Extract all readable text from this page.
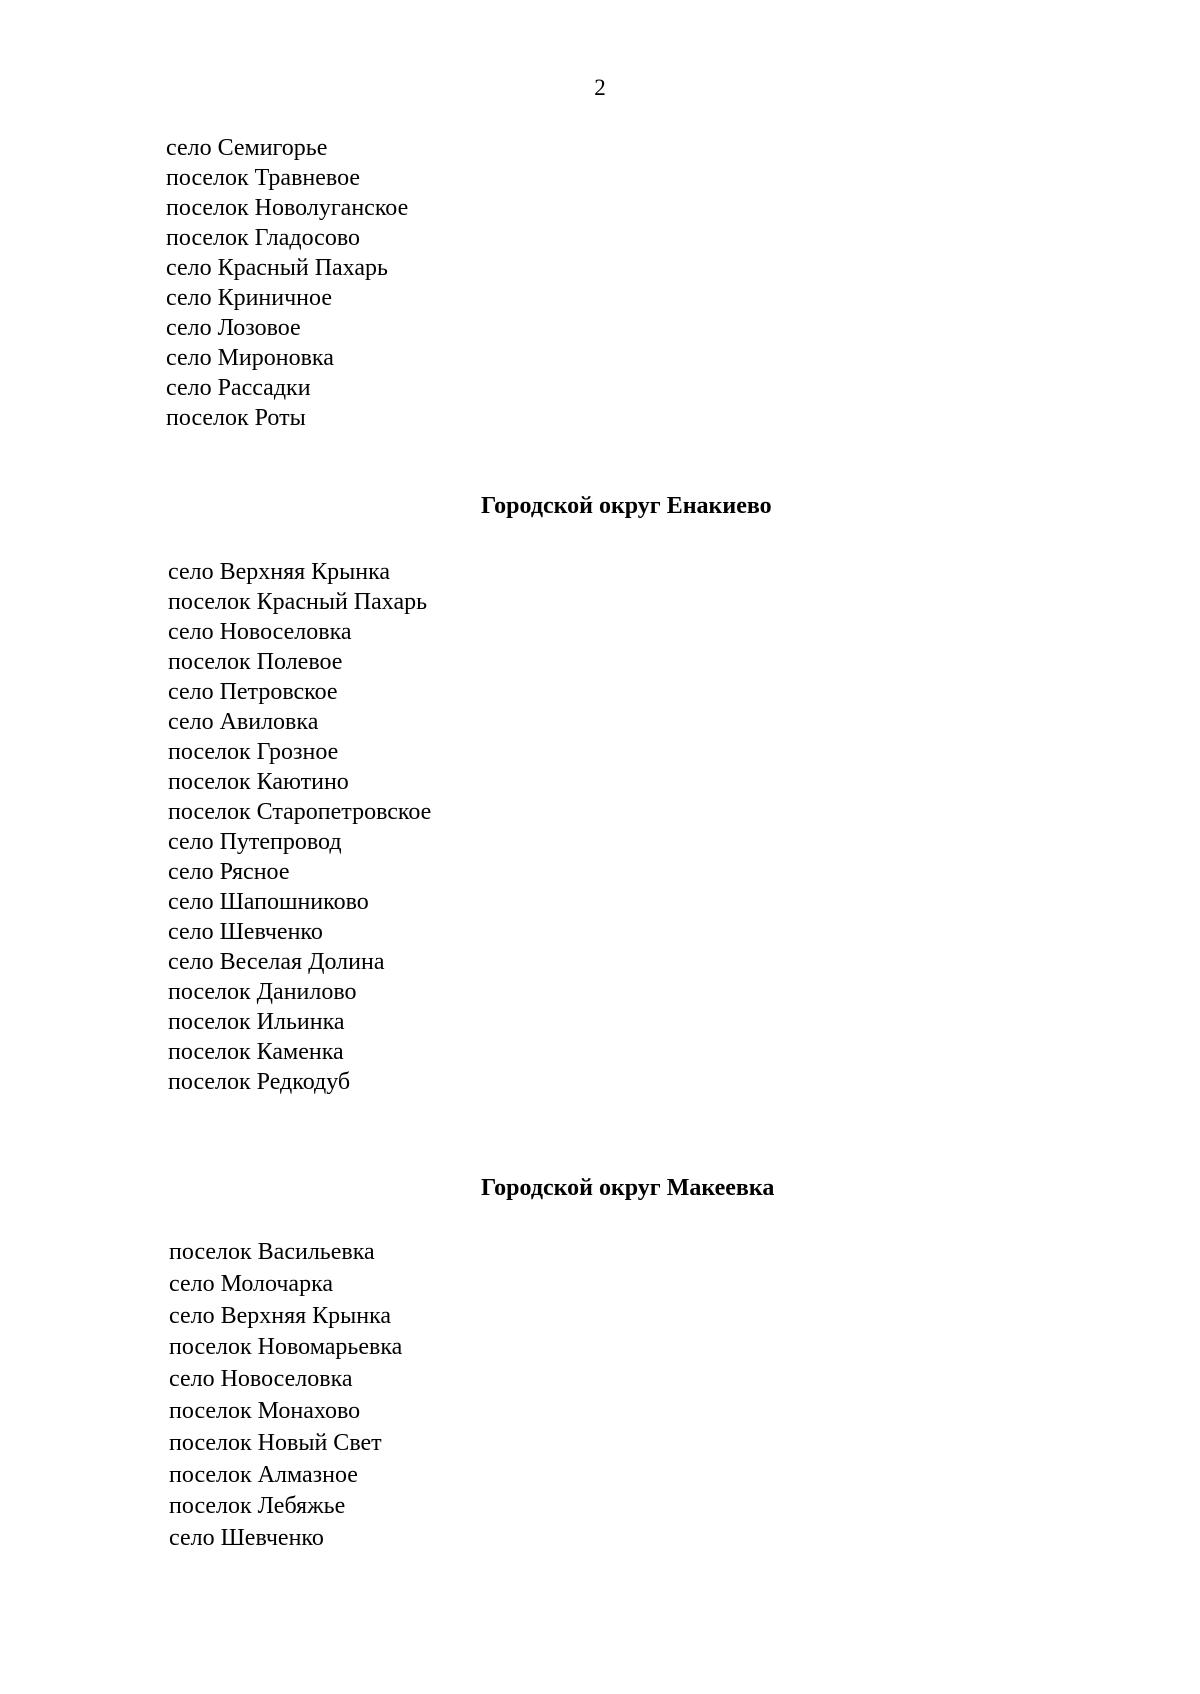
2
село Семигорье
поселок Травневое
поселок Новолуганское
поселок Гладосово
село Красный Пахарь
село Криничное
село Лозовое
село Мироновка
село Рассадки
поселок Роты
Городской округ Енакиево
село Верхняя Крынка
поселок Красный Пахарь
село Новоселовка
поселок Полевое
село Петровское
село Авиловка
поселок Грозное
поселок Каютино
поселок Старопетровское
село Путепровод
село Рясное
село Шапошниково
село Шевченко
село Веселая Долина
поселок Данилово
поселок Ильинка
поселок Каменка
поселок Редкодуб
Городской округ Макеевка
поселок Васильевка
село Молочарка
село Верхняя Крынка
поселок Новомарьевка
село Новоселовка
поселок Монахово
поселок Новый Свет
поселок Алмазное
поселок Лебяжье
село Шевченко
